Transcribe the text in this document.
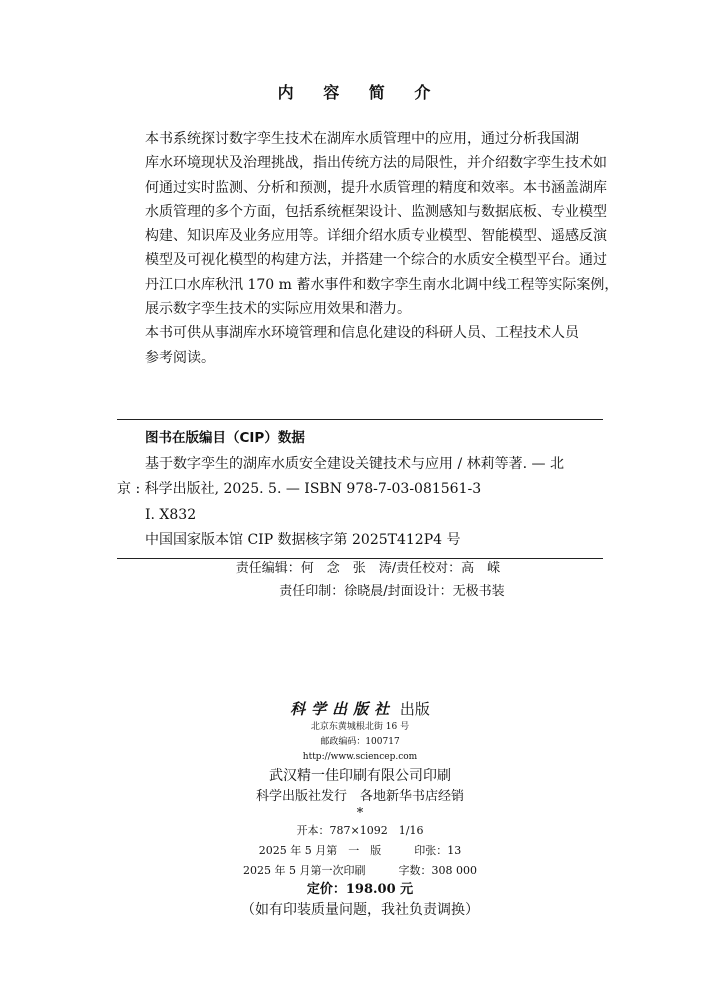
内 容 简 介

本书系统探讨数字孪生技术在湖库水质管理中的应用，通过分析我国湖
库水环境现状及治理挑战，指出传统方法的局限性，并介绍数字孪生技术如
何通过实时监测、分析和预测，提升水质管理的精度和效率。本书涵盖湖库
水质管理的多个方面，包括系统框架设计、监测感知与数据底板、专业模型
构建、知识库及业务应用等。详细介绍水质专业模型、智能模型、遥感反演
模型及可视化模型的构建方法，并搭建一个综合的水质安全模型平台。通过
丹江口水库秋汛 170 m 蓄水事件和数字孪生南水北调中线工程等实际案例，
展示数字孪生技术的实际应用效果和潜力。

本书可供从事湖库水环境管理和信息化建设的科研人员、工程技术人员
参考阅读。

图书在版编目（CIP）数据
基于数字孪生的湖库水质安全建设关键技术与应用 / 林莉等著. — 北
京 : 科学出版社, 2025. 5. — ISBN 978-7-03-081561-3
I. X832
中国国家版本馆 CIP 数据核字第 2025T412P4 号
责任编辑：何　念　张　涛/责任校对：高　嵘
责任印制：徐晓晨/封面设计：无极书装
科学出版社 出版
北京东黄城根北街 16 号
邮政编码：100717
http://www.sciencep.com
武汉精一佳印刷有限公司印刷
科学出版社发行　各地新华书店经销
*
开本：787×1092　1/16
2025 年 5 月第　一　版　　　印张：13
2025 年 5 月第一次印刷　　　字数：308 000
定价：198.00 元
（如有印装质量问题，我社负责调换）
